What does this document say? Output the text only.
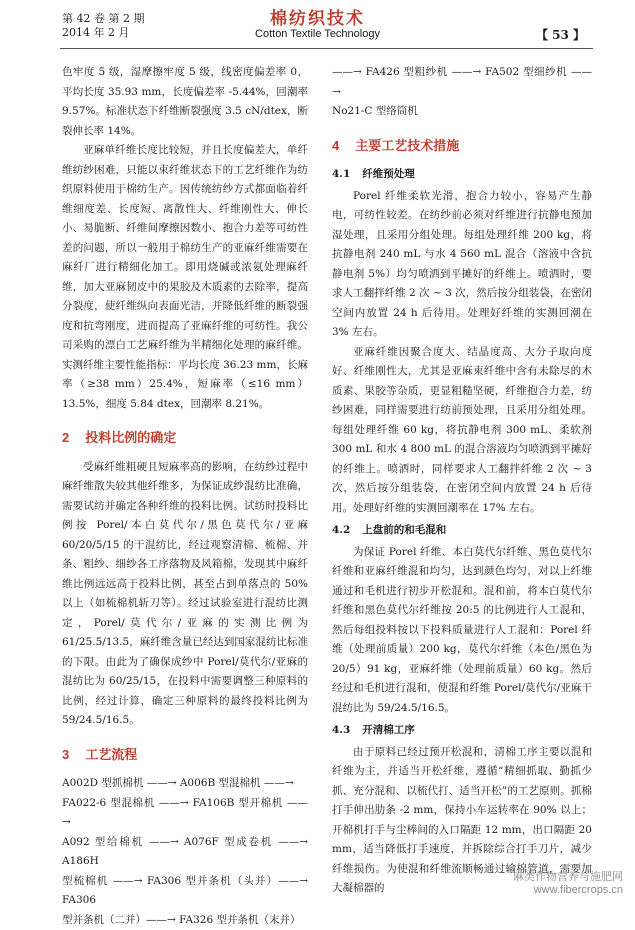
第 42 卷 第 2 期
2014 年 2 月
棉纺织技术
Cotton Textile Technology	【 53 】

色牢度 5 级，湿摩擦牢度 5 级，线密度偏差率 0，平均长度 35.93 mm，长度偏差率 -5.44%，回潮率 9.57%。标准状态下纤维断裂强度 3.5 cN/dtex，断裂伸长率 14%。

亚麻单纤维长度比较短，并且长度偏差大，单纤维纺纱困难，只能以束纤维状态下的工艺纤维作为纺织原料使用于棉纺生产。因传统纺纱方式都面临着纤维细度差、长度短、离散性大、纤维刚性大、伸长小、易脆断、纤维间摩擦因数小、抱合力差等可纺性差的问题，所以一般用于棉纺生产的亚麻纤维需要在麻纤厂进行精细化加工。即用烧碱或浓氨处理麻纤维，加大亚麻韧皮中的果胶及木质素的去除率，提高分裂度，使纤维纵向表面光洁，并降低纤维的断裂强度和抗弯刚度，进而提高了亚麻纤维的可纺性。我公司采购的漂白工艺麻纤维为半精细化处理的麻纤维。实测纤维主要性能指标：平均长度 36.23 mm，长麻率（≥38 mm）25.4%，短麻率（≤16 mm）13.5%，细度 5.84 dtex，回潮率 8.21%。

2 投料比例的确定

受麻纤维粗硬且短麻率高的影响，在纺纱过程中麻纤维散失较其他纤维多，为保证成纱混纺比准确，需要试纺并确定各种纤维的投料比例。试纺时投料比例按 Porel/本白莫代尔/黑色莫代尔/亚麻 60/20/5/15 的干混纺比，经过观察清棉、梳棉、并条、粗纱、细纱各工序落物及风箱棉，发现其中麻纤维比例远远高于投料比例，甚至占到单落点的 50% 以上（如梳棉机斩刀等）。经过试验室进行混纺比测定，Porel/莫代尔/亚麻的实测比例为 61/25.5/13.5，麻纤维含量已经达到国家混纺比标准的下限。由此为了确保成纱中 Porel/莫代尔/亚麻的混纺比为 60/25/15，在投料中需要调整三种原料的比例，经过计算，确定三种原料的最终投料比例为 59/24.5/16.5。

3 工艺流程
A002D 型抓棉机 ——→ A006B 型混棉机 ——→
FA022-6 型混棉机 ——→ FA106B 型开棉机 ——→
A092 型给棉机 ——→ A076F 型成卷机 ——→ A186H
型梳棉机 ——→ FA306 型并条机（头并）——→ FA306
型并条机（二并）——→ FA326 型并条机（末并）
——→ FA426 型粗纱机 ——→ FA502 型细纱机 ——→
No21-C 型络筒机
4 主要工艺技术措施
4.1 纤维预处理

Porel 纤维柔软光滑，抱合力较小，容易产生静电，可纺性较差。在纺纱前必须对纤维进行抗静电预加湿处理，且采用分组处理。每组处理纤维 200 kg，将抗静电剂 240 mL 与水 4 560 mL 混合（溶液中含抗静电剂 5%）均匀喷洒到平摊好的纤维上。喷洒时，要求人工翻拌纤维 2 次 ~ 3 次，然后按分组装袋，在密闭空间内放置 24 h 后待用。处理好纤维的实测回潮在 3% 左右。

亚麻纤维因聚合度大、结晶度高、大分子取向度好、纤维刚性大，尤其是亚麻束纤维中含有未除尽的木质素、果胶等杂质，更显粗糙坚硬，纤维抱合力差，纺纱困难，同样需要进行纺前预处理，且采用分组处理。每组处理纤维 60 kg，将抗静电剂 300 mL、柔软剂 300 mL 和水 4 800 mL 的混合溶液均匀喷洒到平摊好的纤维上。喷洒时，同样要求人工翻拌纤维 2 次 ~ 3 次，然后按分组装袋，在密闭空间内放置 24 h 后待用。处理好纤维的实测回潮率在 17% 左右。

4.2 上盘前的和毛混和

为保证 Porel 纤维、本白莫代尔纤维、黑色莫代尔纤维和亚麻纤维混和均匀，达到颜色均匀，对以上纤维通过和毛机进行初步开松混和。混和前，将本白莫代尔纤维和黑色莫代尔纤维按 20:5 的比例进行人工混和，然后每组投料按以下投料质量进行人工混和：Porel 纤维（处理前质量）200 kg，莫代尔纤维（本色/黑色为 20/5）91 kg，亚麻纤维（处理前质量）60 kg。然后经过和毛机进行混和，使混和纤维 Porel/莫代尔/亚麻干混纺比为 59/24.5/16.5。

4.3 开清棉工序

由于原料已经过预开松混和，清棉工序主要以混和纤维为主，并适当开松纤维，遵循“精细抓取、勤抓少抓、充分混和、以梳代打、适当开松”的工艺原则。抓棉打手伸出肋条 -2 mm，保持小车运转率在 90% 以上；开棉机打手与尘棒间的入口隔距 12 mm，出口隔距 20 mm，适当降低打手速度，并拆除综合打手刀片，减少纤维损伤。为使混和纤维流顺畅通过输棉管道，需要加大凝棉器的

麻类作物营养与施肥网
www.fibercrops.cn
